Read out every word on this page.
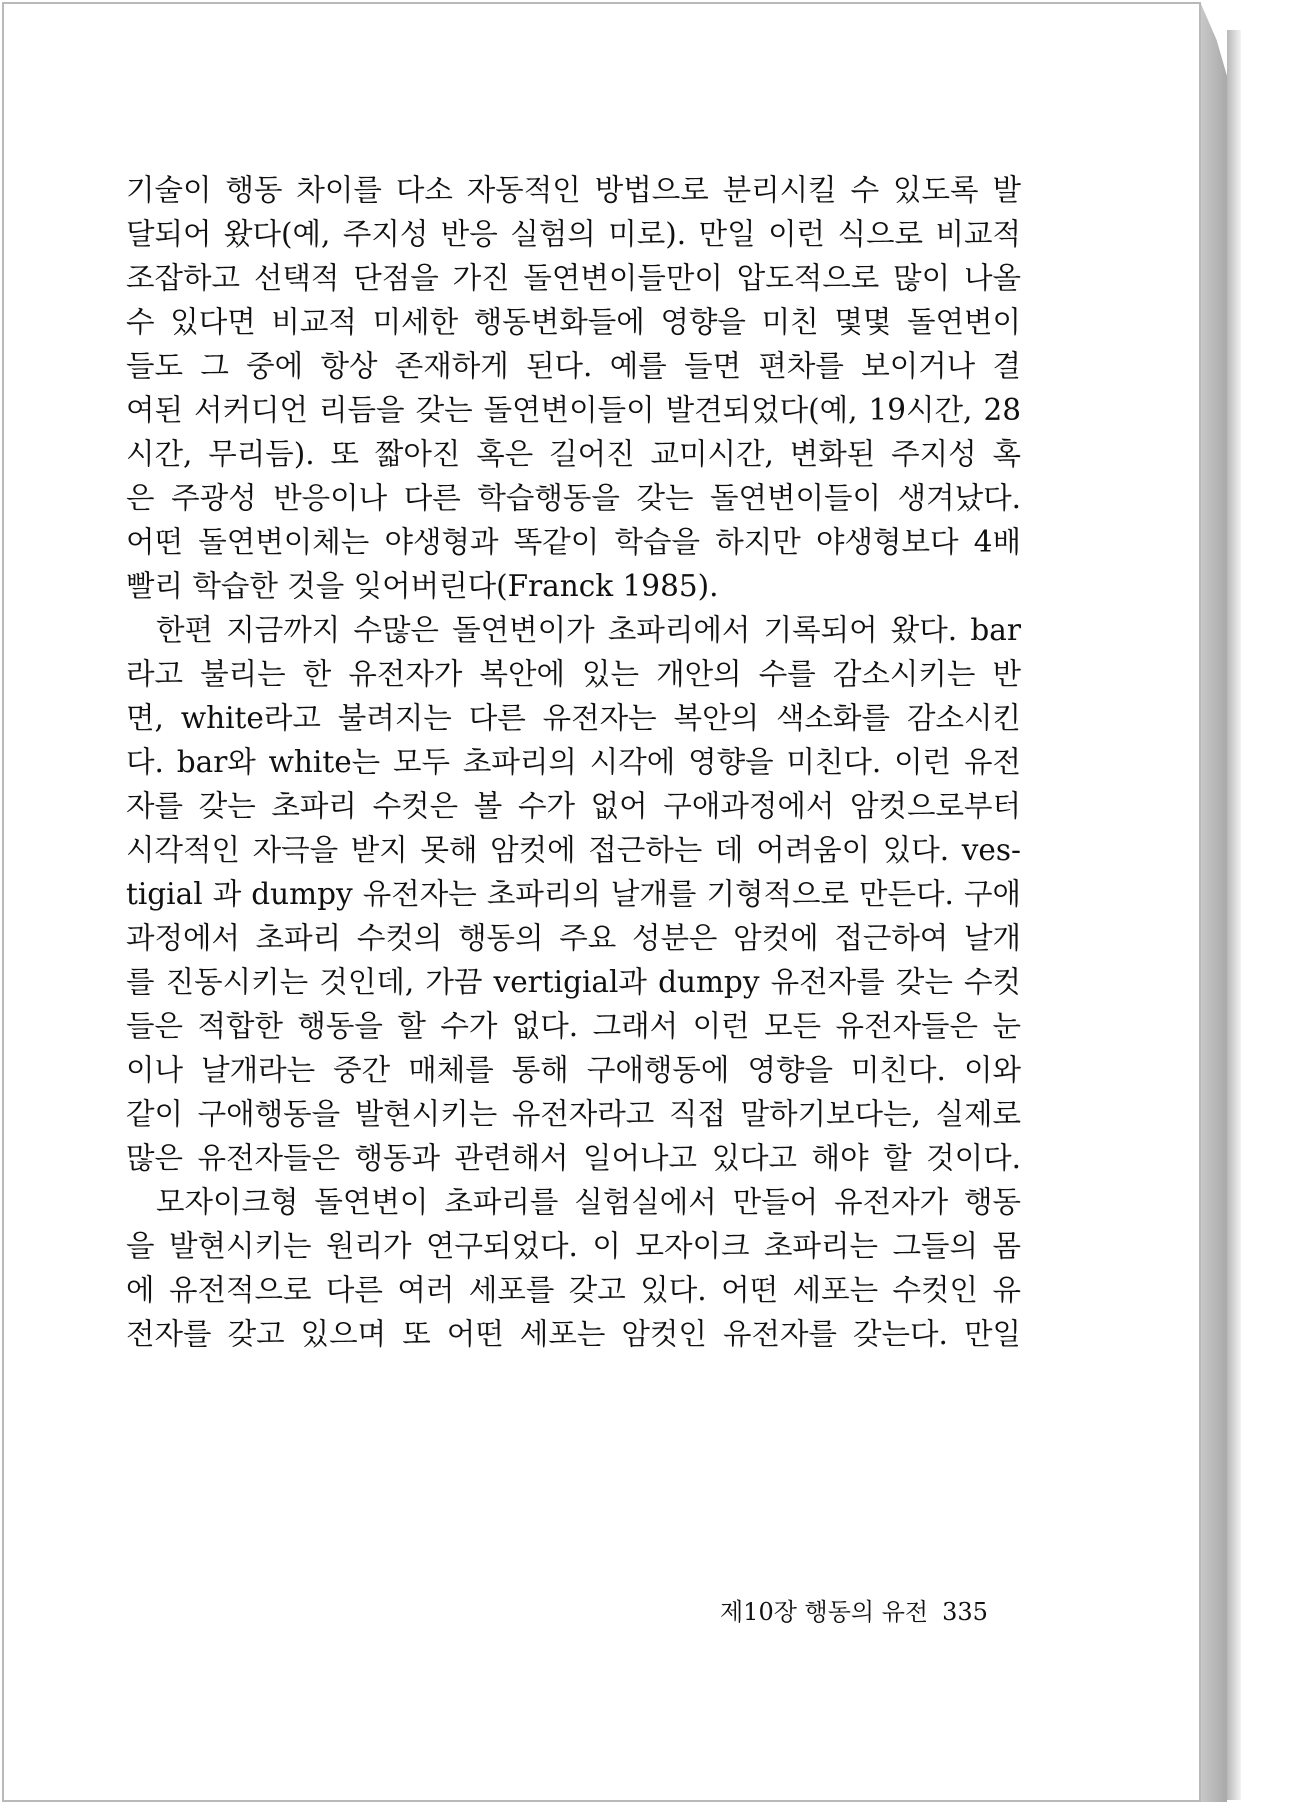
기술이 행동 차이를 다소 자동적인 방법으로 분리시킬 수 있도록 발
달되어 왔다(예, 주지성 반응 실험의 미로). 만일 이런 식으로 비교적
조잡하고 선택적 단점을 가진 돌연변이들만이 압도적으로 많이 나올
수 있다면 비교적 미세한 행동변화들에 영향을 미친 몇몇 돌연변이
들도 그 중에 항상 존재하게 된다. 예를 들면 편차를 보이거나 결
여된 서커디언 리듬을 갖는 돌연변이들이 발견되었다(예, 19시간, 28
시간, 무리듬). 또 짧아진 혹은 길어진 교미시간, 변화된 주지성 혹
은 주광성 반응이나 다른 학습행동을 갖는 돌연변이들이 생겨났다.
어떤 돌연변이체는 야생형과 똑같이 학습을 하지만 야생형보다 4배
빨리 학습한 것을 잊어버린다(Franck 1985).
한편 지금까지 수많은 돌연변이가 초파리에서 기록되어 왔다. bar
라고 불리는 한 유전자가 복안에 있는 개안의 수를 감소시키는 반
면, white라고 불려지는 다른 유전자는 복안의 색소화를 감소시킨
다. bar와 white는 모두 초파리의 시각에 영향을 미친다. 이런 유전
자를 갖는 초파리 수컷은 볼 수가 없어 구애과정에서 암컷으로부터
시각적인 자극을 받지 못해 암컷에 접근하는 데 어려움이 있다. ves-
tigial 과 dumpy 유전자는 초파리의 날개를 기형적으로 만든다. 구애
과정에서 초파리 수컷의 행동의 주요 성분은 암컷에 접근하여 날개
를 진동시키는 것인데, 가끔 vertigial과 dumpy 유전자를 갖는 수컷
들은 적합한 행동을 할 수가 없다. 그래서 이런 모든 유전자들은 눈
이나 날개라는 중간 매체를 통해 구애행동에 영향을 미친다. 이와
같이 구애행동을 발현시키는 유전자라고 직접 말하기보다는, 실제로
많은 유전자들은 행동과 관련해서 일어나고 있다고 해야 할 것이다.
모자이크형 돌연변이 초파리를 실험실에서 만들어 유전자가 행동
을 발현시키는 원리가 연구되었다. 이 모자이크 초파리는 그들의 몸
에 유전적으로 다른 여러 세포를 갖고 있다. 어떤 세포는 수컷인 유
전자를 갖고 있으며 또 어떤 세포는 암컷인 유전자를 갖는다. 만일
제10장 행동의 유전 335
